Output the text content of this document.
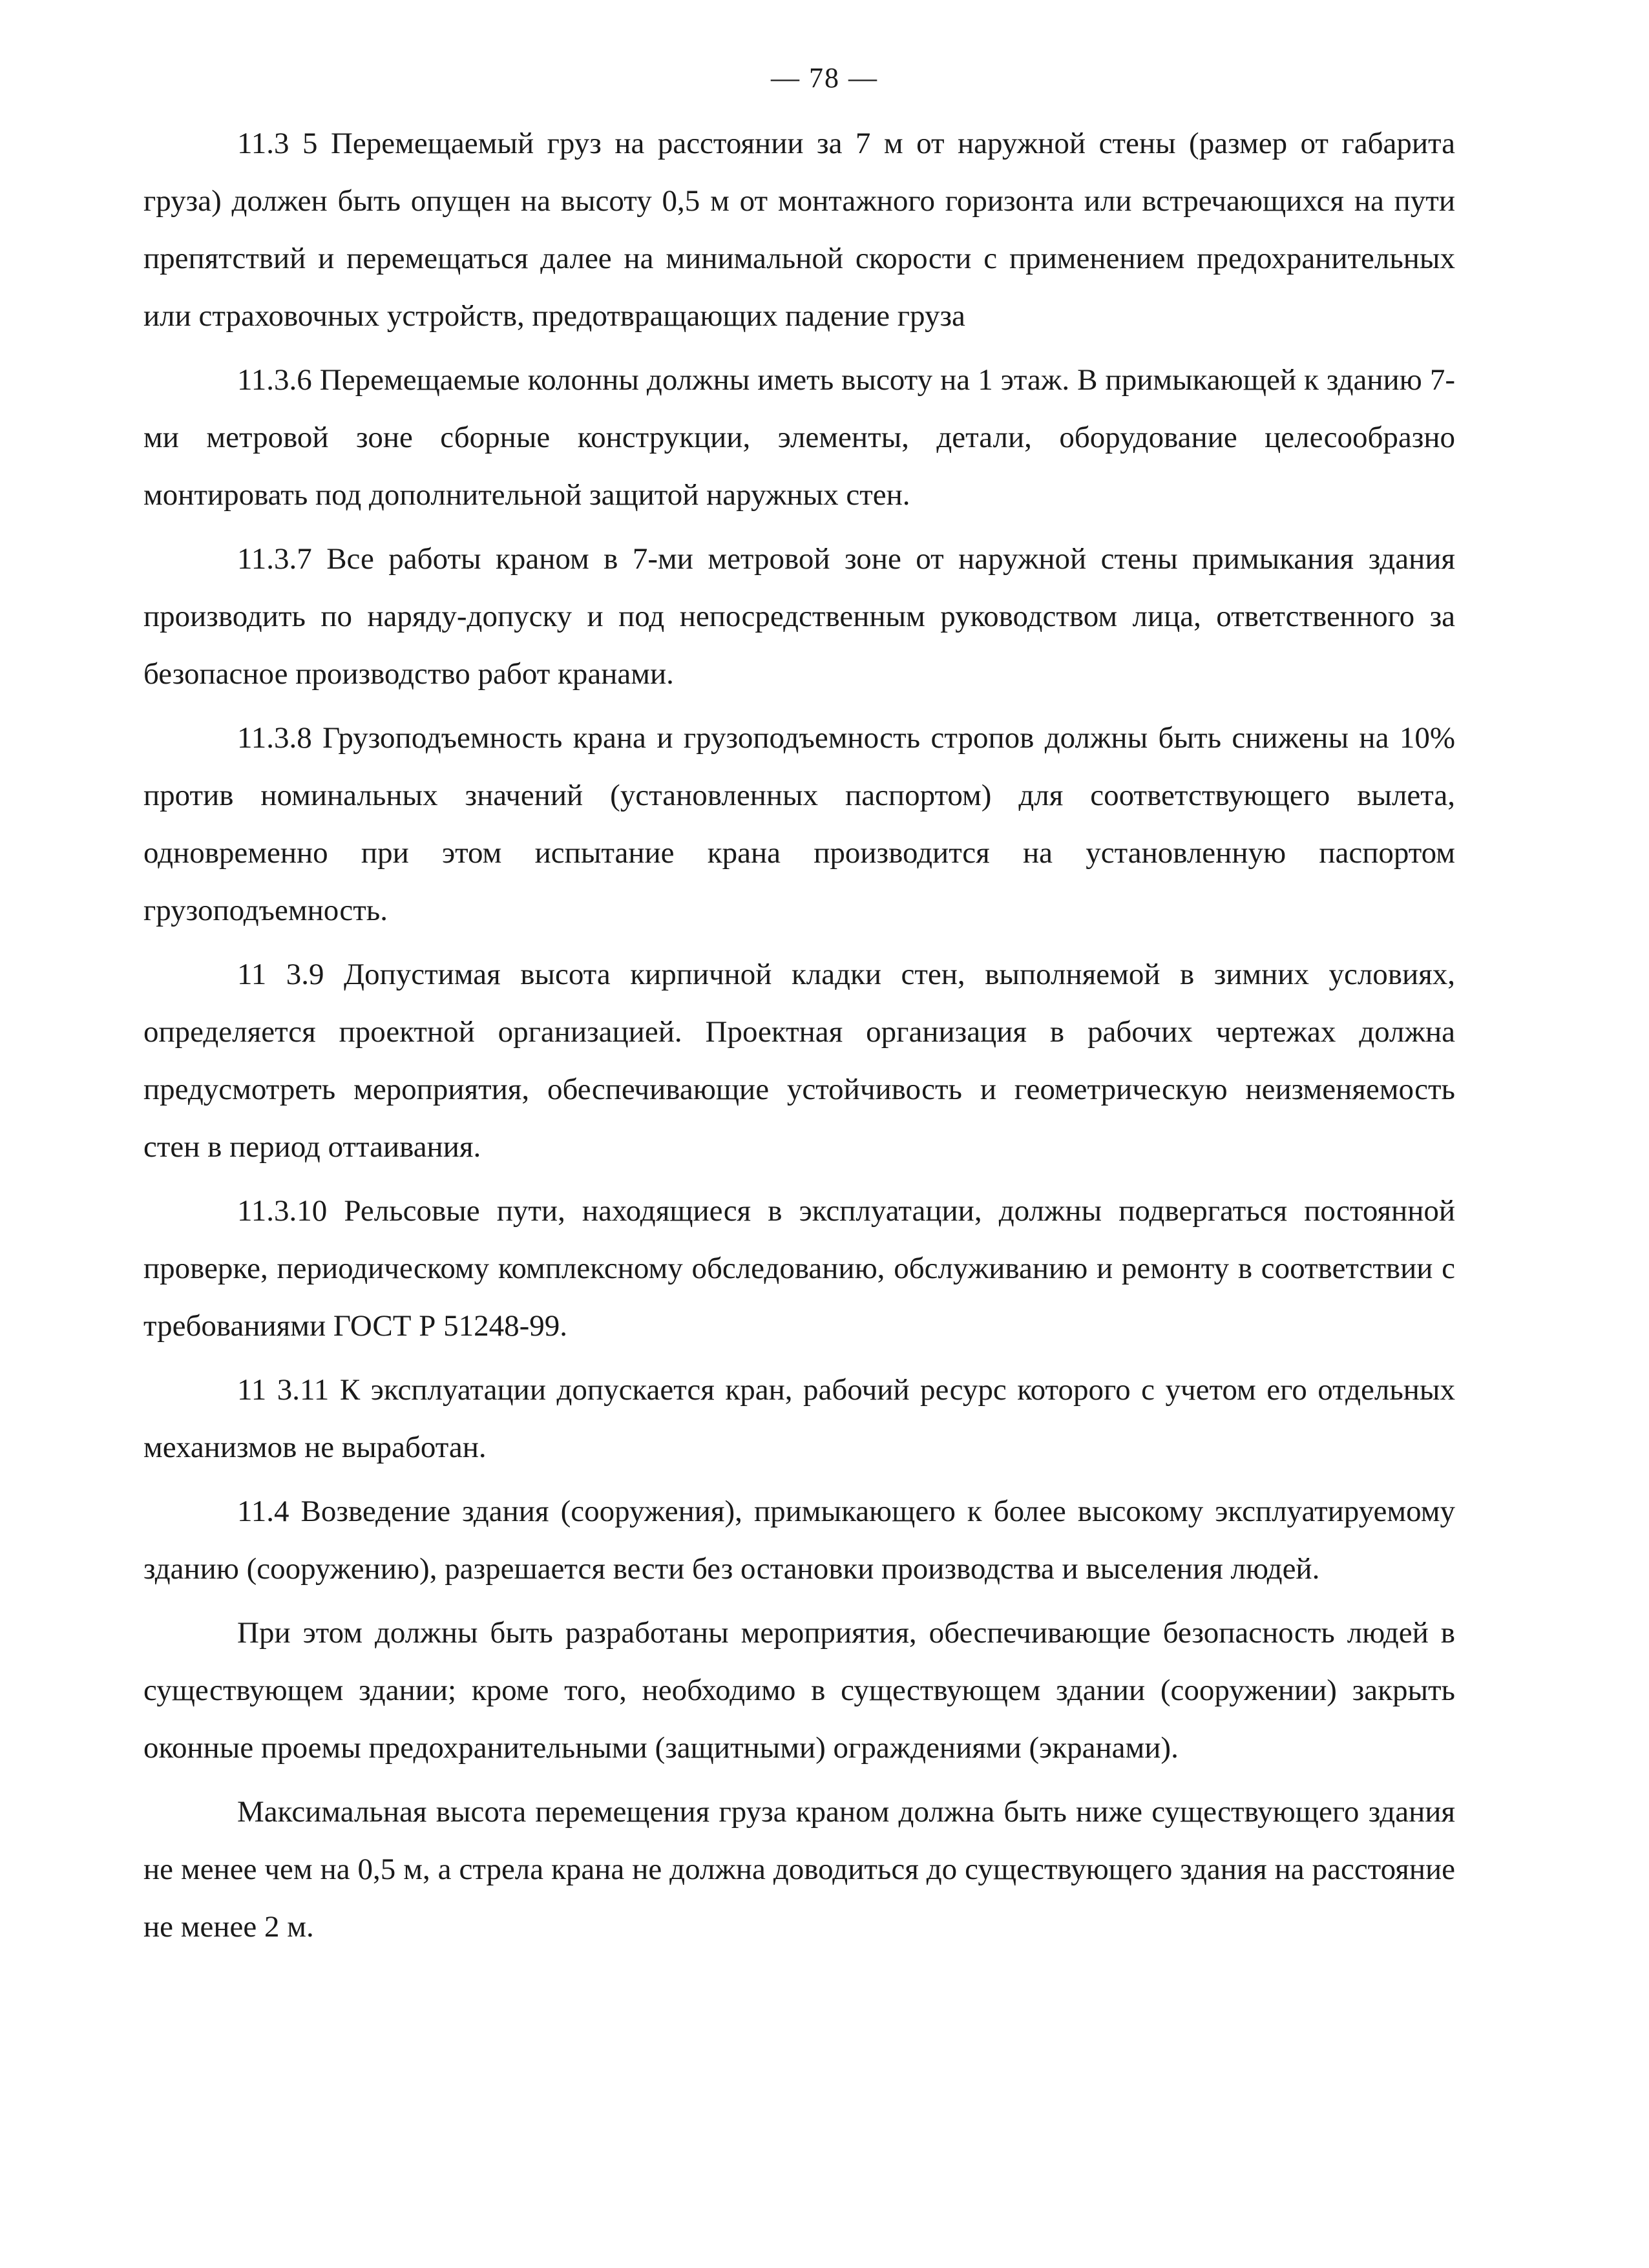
— 78 —

11.3 5 Перемещаемый груз на расстоянии за 7 м от наружной стены (размер от габарита груза) должен быть опущен на высоту 0,5 м от монтажного горизонта или встречающихся на пути препятствий и перемещаться далее на минимальной скорости с применением предохранительных или страховочных устройств, предотвращающих падение груза

11.3.6 Перемещаемые колонны должны иметь высоту на 1 этаж. В примыкающей к зданию 7-ми метровой зоне сборные конструкции, элементы, детали, оборудование целесообразно монтировать под дополнительной защитой наружных стен.

11.3.7 Все работы краном в 7-ми метровой зоне от наружной стены примыкания здания производить по наряду-допуску и под непосредственным руководством лица, ответственного за безопасное производство работ кранами.

11.3.8 Грузоподъемность крана и грузоподъемность стропов должны быть снижены на 10% против номинальных значений (установленных паспортом) для соответствующего вылета, одновременно при этом испытание крана производится на установленную паспортом грузоподъемность.

11 3.9 Допустимая высота кирпичной кладки стен, выполняемой в зимних условиях, определяется проектной организацией. Проектная организация в рабочих чертежах должна предусмотреть мероприятия, обеспечивающие устойчивость и геометрическую неизменяемость стен в период оттаивания.

11.3.10 Рельсовые пути, находящиеся в эксплуатации, должны подвергаться постоянной проверке, периодическому комплексному обследованию, обслуживанию и ремонту в соответствии с требованиями ГОСТ Р 51248-99.

11 3.11 К эксплуатации допускается кран, рабочий ресурс которого с учетом его отдельных механизмов не выработан.

11.4 Возведение здания (сооружения), примыкающего к более высокому эксплуатируемому зданию (сооружению), разрешается вести без остановки производства и выселения людей.

При этом должны быть разработаны мероприятия, обеспечивающие безопасность людей в существующем здании; кроме того, необходимо в существующем здании (сооружении) закрыть оконные проемы предохранительными (защитными) ограждениями (экранами).

Максимальная высота перемещения груза краном должна быть ниже существующего здания не менее чем на 0,5 м, а стрела крана не должна доводиться до существующего здания на расстояние не менее 2 м.
